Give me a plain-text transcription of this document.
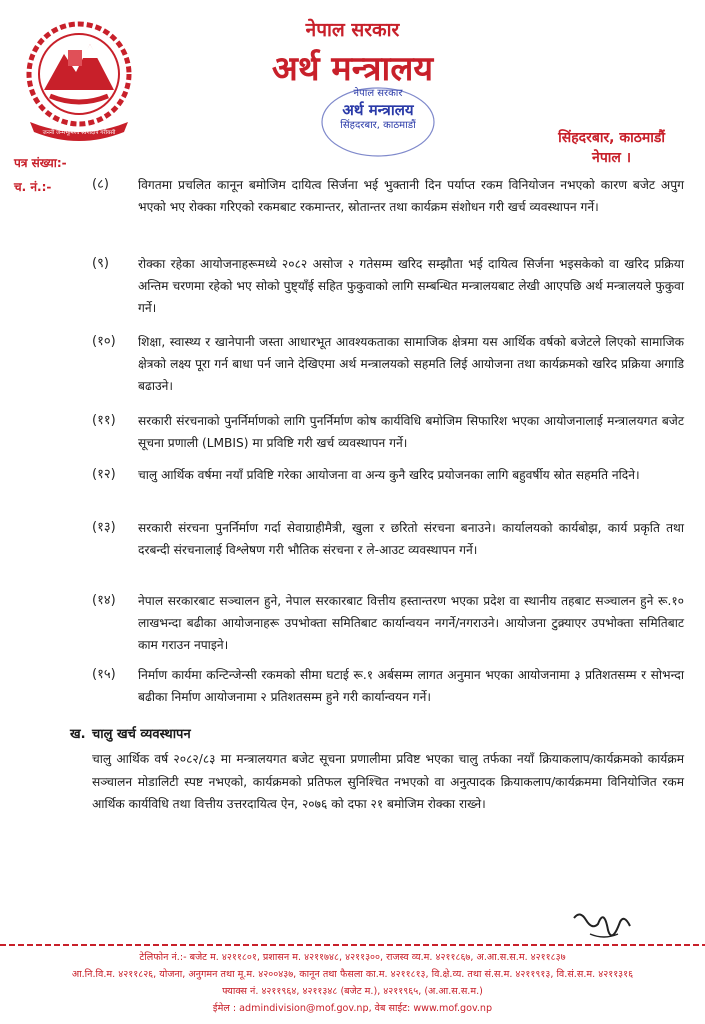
जननी जन्मभूमिश्च स्वर्गादपि गरीयसी
नेपाल सरकार
अर्थ मन्त्रालय
नेपाल सरकार
अर्थ मन्त्रालय
सिंहदरबार, काठमाडौं
सिंहदरबार, काठमाडौं
नेपाल ।
पत्र संख्या:-
च. नं.:-	(८) विगतमा प्रचलित कानून बमोजिम दायित्व सिर्जना भई भुक्तानी दिन पर्याप्त रकम विनियोजन नभएको कारण बजेट अपुग भएको भए रोक्का गरिएको रकमबाट रकमान्तर, स्रोतान्तर तथा कार्यक्रम संशोधन गरी खर्च व्यवस्थापन गर्ने।
(९) रोक्का रहेका आयोजनाहरूमध्ये २०८२ असोज २ गतेसम्म खरिद सम्झौता भई दायित्व सिर्जना भइसकेको वा खरिद प्रक्रिया अन्तिम चरणमा रहेको भए सोको पुष्ट्याँई सहित फुकुवाको लागि सम्बन्धित मन्त्रालयबाट लेखी आएपछि अर्थ मन्त्रालयले फुकुवा गर्ने।
(१०) शिक्षा, स्वास्थ्य र खानेपानी जस्ता आधारभूत आवश्यकताका सामाजिक क्षेत्रमा यस आर्थिक वर्षको बजेटले लिएको सामाजिक क्षेत्रको लक्ष्य पूरा गर्न बाधा पर्न जाने देखिएमा अर्थ मन्त्रालयको सहमति लिई आयोजना तथा कार्यक्रमको खरिद प्रक्रिया अगाडि बढाउने।
(११) सरकारी संरचनाको पुनर्निर्माणको लागि पुनर्निर्माण कोष कार्यविधि बमोजिम सिफारिश भएका आयोजनालाई मन्त्रालयगत बजेट सूचना प्रणाली (LMBIS) मा प्रविष्टि गरी खर्च व्यवस्थापन गर्ने।
(१२) चालु आर्थिक वर्षमा नयाँ प्रविष्टि गरेका आयोजना वा अन्य कुनै खरिद प्रयोजनका लागि बहुवर्षीय स्रोत सहमति नदिने।
(१३) सरकारी संरचना पुनर्निर्माण गर्दा सेवाग्राहीमैत्री, खुला र छरितो संरचना बनाउने। कार्यालयको कार्यबोझ, कार्य प्रकृति तथा दरबन्दी संरचनालाई विश्लेषण गरी भौतिक संरचना र ले-आउट व्यवस्थापन गर्ने।
(१४) नेपाल सरकारबाट सञ्चालन हुने, नेपाल सरकारबाट वित्तीय हस्तान्तरण भएका प्रदेश वा स्थानीय तहबाट सञ्चालन हुने रू.१० लाखभन्दा बढीका आयोजनाहरू उपभोक्ता समितिबाट कार्यान्वयन नगर्ने/नगराउने। आयोजना टुक्र्याएर उपभोक्ता समितिबाट काम गराउन नपाइने।
(१५) निर्माण कार्यमा कन्टिन्जेन्सी रकमको सीमा घटाई रू.१ अर्बसम्म लागत अनुमान भएका आयोजनामा ३ प्रतिशतसम्म र सोभन्दा बढीका निर्माण आयोजनामा २ प्रतिशतसम्म हुने गरी कार्यान्वयन गर्ने।
ख. चालु खर्च व्यवस्थापन
चालु आर्थिक वर्ष २०८२/८३ मा मन्त्रालयगत बजेट सूचना प्रणालीमा प्रविष्ट भएका चालु तर्फका नयाँ क्रियाकलाप/कार्यक्रमको कार्यक्रम सञ्चालन मोडालिटी स्पष्ट नभएको, कार्यक्रमको प्रतिफल सुनिश्चित नभएको वा अनुत्पादक क्रियाकलाप/कार्यक्रममा विनियोजित रकम आर्थिक कार्यविधि तथा वित्तीय उत्तरदायित्व ऐन, २०७६ को दफा २१ बमोजिम रोक्का राख्ने।
टेलिफोन नं.:- बजेट म. ४२११८०१, प्रशासन म. ४२११७४८, ४२११३००, राजस्व व्य.म. ४२११८६७, अ.आ.स.स.म. ४२११८३७
आ.नि.वि.म. ४२११८२६, योजना, अनुगमन तथा मू.म. ४२००४३७, कानून तथा फैसला का.म. ४२११८१३, वि.क्षे.व्य. तथा सं.स.म. ४२११९१३, वि.सं.स.म. ४२११३१६
फ्याक्स नं. ४२११९६४, ४२११३४८ (बजेट म.), ४२११९६५, (अ.आ.स.स.म.)
ईमेल : admindivision@mof.gov.np, वेब साईट: www.mof.gov.np
